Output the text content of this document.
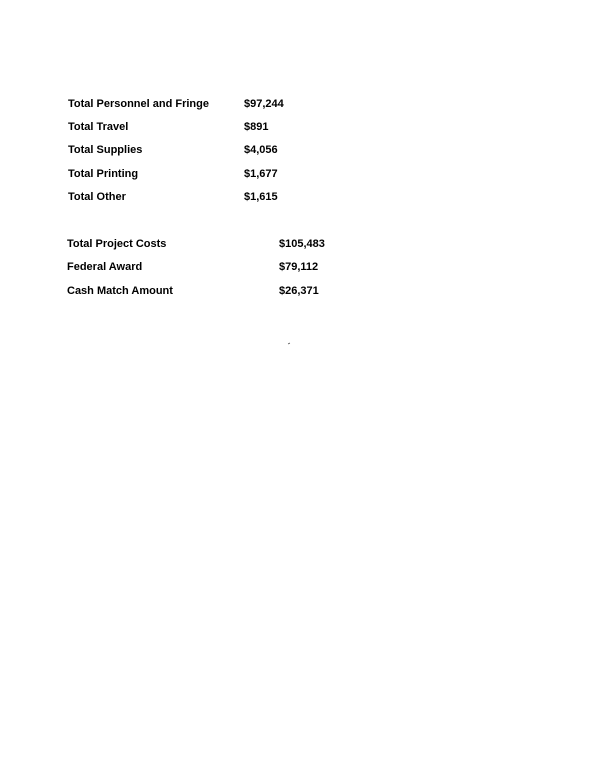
Total Personnel and Fringe	$97,244
Total Travel	$891
Total Supplies	$4,056
Total Printing	$1,677
Total Other	$1,615
Total Project Costs	$105,483
Federal Award	$79,112
Cash Match Amount	$26,371
